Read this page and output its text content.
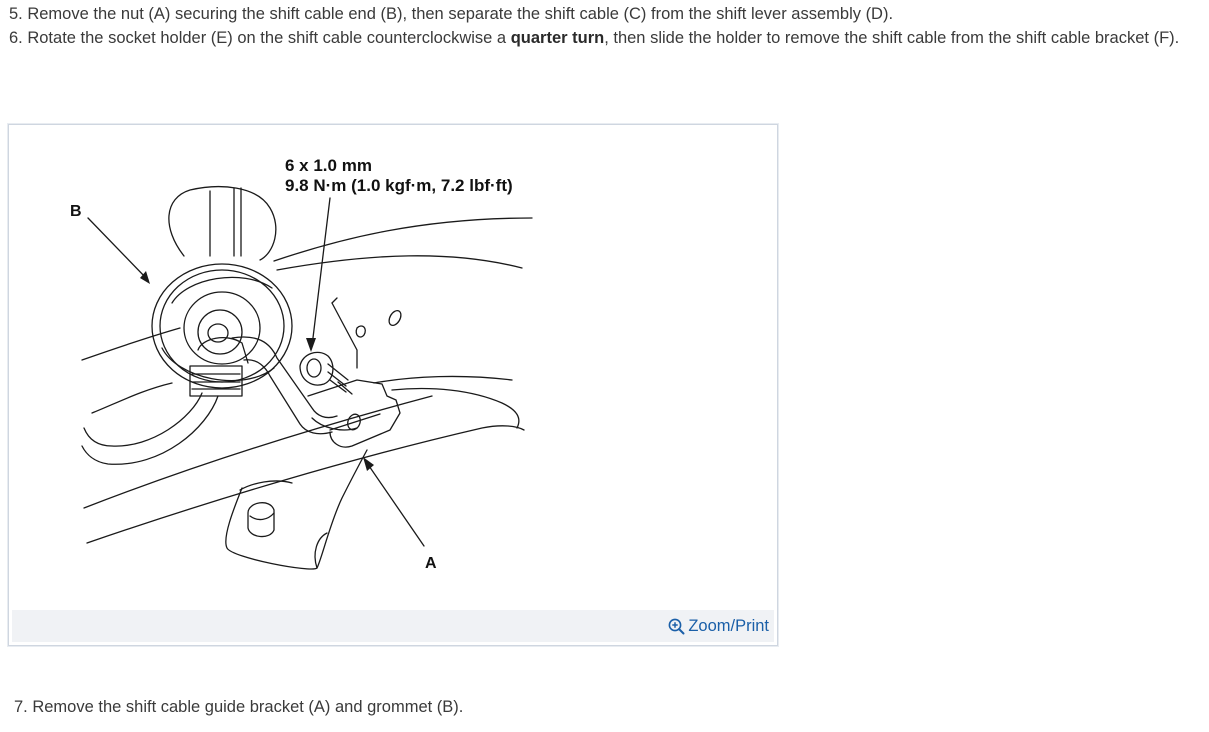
5. Remove the nut (A) securing the shift cable end (B), then separate the shift cable (C) from the shift lever assembly (D).
6. Rotate the socket holder (E) on the shift cable counterclockwise a quarter turn, then slide the holder to remove the shift cable from the shift cable bracket (F).
6 x 1.0 mm
9.8 N·m (1.0 kgf·m, 7.2 lbf·ft)
B
A
Zoom/Print
7. Remove the shift cable guide bracket (A) and grommet (B).
